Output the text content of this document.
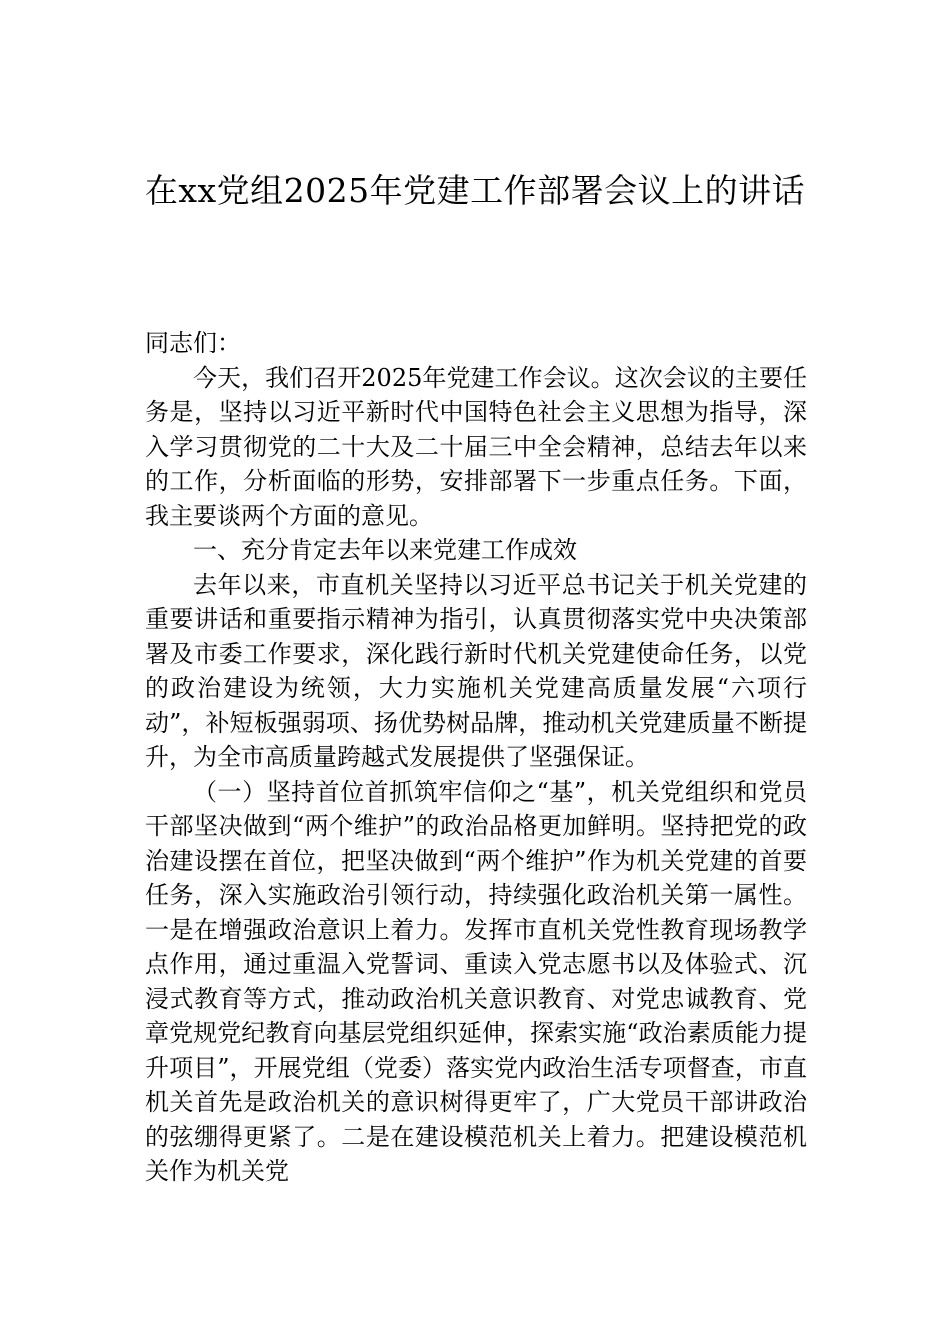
在xx党组2025年党建工作部署会议上的讲话

同志们：

今天，我们召开2025年党建工作会议。这次会议的主要任务是，坚持以习近平新时代中国特色社会主义思想为指导，深入学习贯彻党的二十大及二十届三中全会精神，总结去年以来的工作，分析面临的形势，安排部署下一步重点任务。下面，我主要谈两个方面的意见。

一、充分肯定去年以来党建工作成效

去年以来，市直机关坚持以习近平总书记关于机关党建的重要讲话和重要指示精神为指引，认真贯彻落实党中央决策部署及市委工作要求，深化践行新时代机关党建使命任务，以党的政治建设为统领，大力实施机关党建高质量发展“六项行动”，补短板强弱项、扬优势树品牌，推动机关党建质量不断提升，为全市高质量跨越式发展提供了坚强保证。

（一）坚持首位首抓筑牢信仰之“基”，机关党组织和党员干部坚决做到“两个维护”的政治品格更加鲜明。坚持把党的政治建设摆在首位，把坚决做到“两个维护”作为机关党建的首要任务，深入实施政治引领行动，持续强化政治机关第一属性。一是在增强政治意识上着力。发挥市直机关党性教育现场教学点作用，通过重温入党誓词、重读入党志愿书以及体验式、沉浸式教育等方式，推动政治机关意识教育、对党忠诚教育、党章党规党纪教育向基层党组织延伸，探索实施“政治素质能力提升项目”，开展党组（党委）落实党内政治生活专项督查，市直机关首先是政治机关的意识树得更牢了，广大党员干部讲政治的弦绷得更紧了。二是在建设模范机关上着力。把建设模范机关作为机关党
